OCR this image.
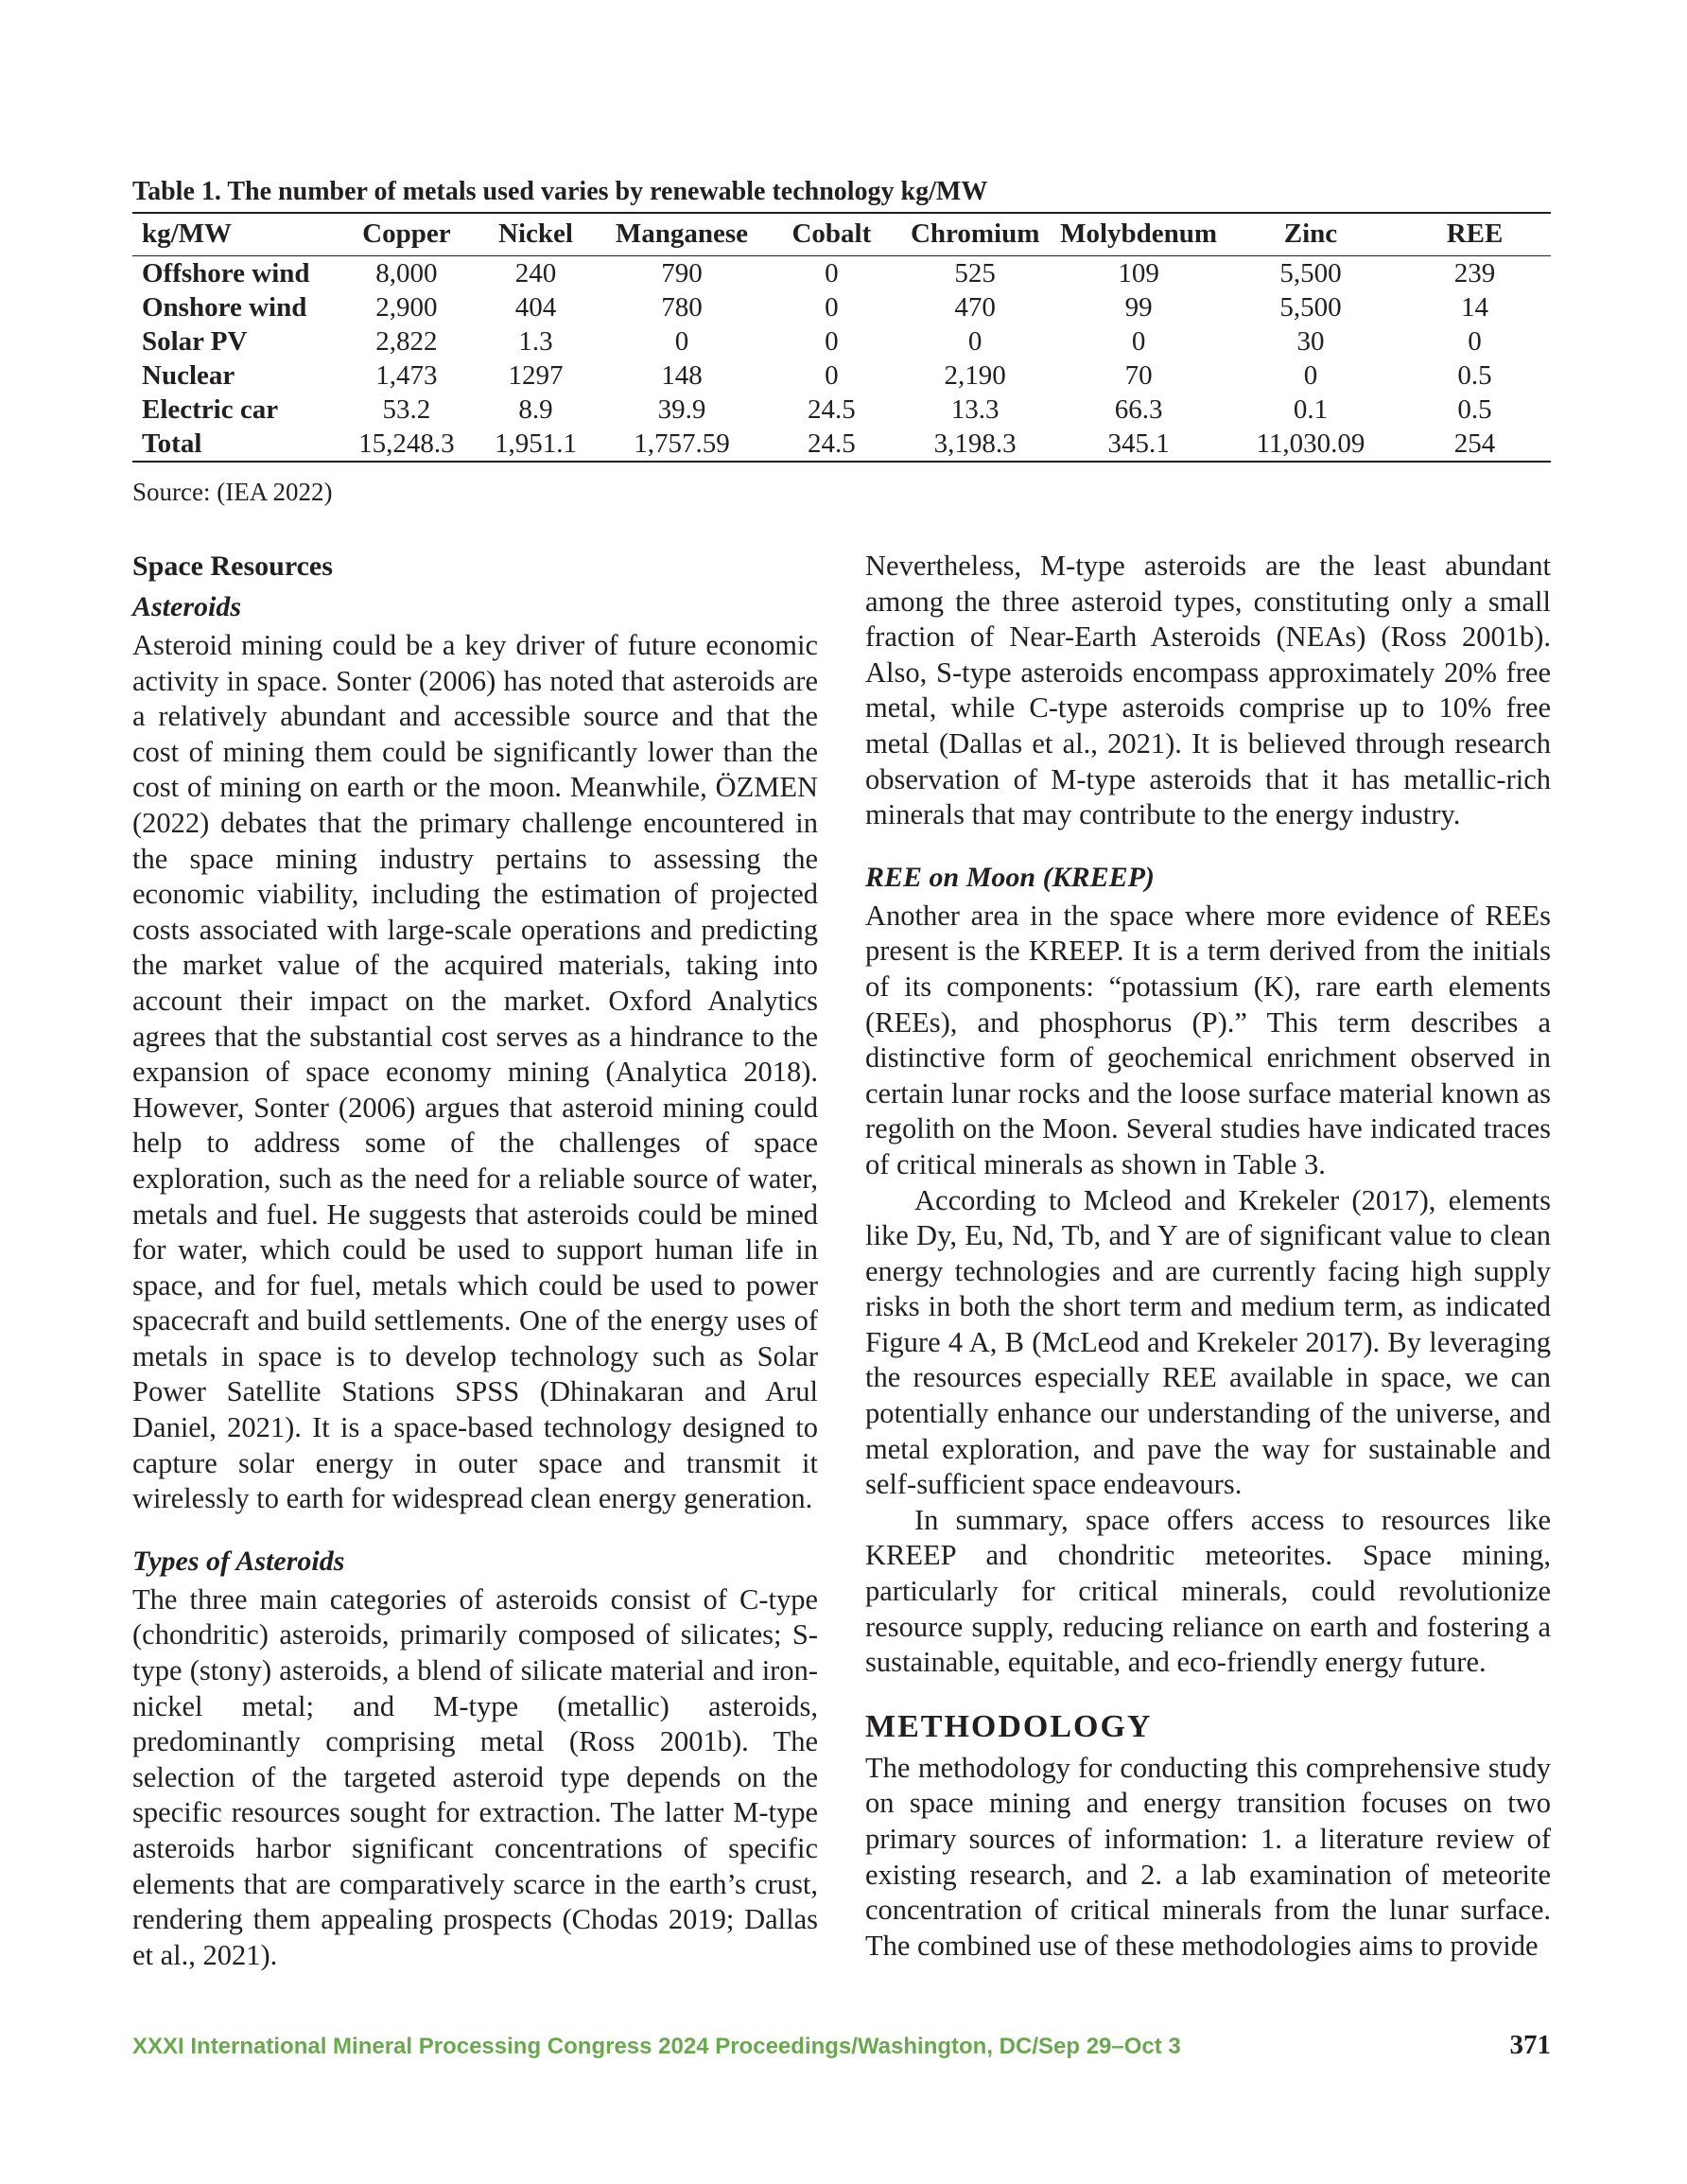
Table 1. The number of metals used varies by renewable technology kg/MW
kg/MW	Copper	Nickel	Manganese	Cobalt	Chromium	Molybdenum	Zinc	REE
Offshore wind	8,000	240	790	0	525	109	5,500	239
Onshore wind	2,900	404	780	0	470	99	5,500	14
Solar PV	2,822	1.3	0	0	0	0	30	0
Nuclear	1,473	1297	148	0	2,190	70	0	0.5
Electric car	53.2	8.9	39.9	24.5	13.3	66.3	0.1	0.5
Total	15,248.3	1,951.1	1,757.59	24.5	3,198.3	345.1	11,030.09	254
Source: (IEA 2022)
Space Resources
Asteroids

Asteroid mining could be a key driver of future economic activity in space. Sonter (2006) has noted that asteroids are a relatively abundant and accessible source and that the cost of mining them could be significantly lower than the cost of mining on earth or the moon. Meanwhile, ÖZMEN (2022) debates that the primary challenge encountered in the space mining industry pertains to assessing the economic viability, including the estimation of projected costs associated with large-scale operations and predicting the market value of the acquired materials, taking into account their impact on the market. Oxford Analytics agrees that the substantial cost serves as a hindrance to the expansion of space economy mining (Analytica 2018). However, Sonter (2006) argues that asteroid mining could help to address some of the challenges of space exploration, such as the need for a reliable source of water, metals and fuel. He suggests that asteroids could be mined for water, which could be used to support human life in space, and for fuel, metals which could be used to power spacecraft and build settlements. One of the energy uses of metals in space is to develop technology such as Solar Power Satellite Stations SPSS (Dhinakaran and Arul Daniel, 2021). It is a space-based technology designed to capture solar energy in outer space and transmit it wirelessly to earth for widespread clean energy generation.

Types of Asteroids

The three main categories of asteroids consist of C-type (chondritic) asteroids, primarily composed of silicates; S-type (stony) asteroids, a blend of silicate material and iron-nickel metal; and M-type (metallic) asteroids, predominantly comprising metal (Ross 2001b). The selection of the targeted asteroid type depends on the specific resources sought for extraction. The latter M-type asteroids harbor significant concentrations of specific elements that are comparatively scarce in the earth’s crust, rendering them appealing prospects (Chodas 2019; Dallas et al., 2021).

Nevertheless, M-type asteroids are the least abundant among the three asteroid types, constituting only a small fraction of Near-Earth Asteroids (NEAs) (Ross 2001b). Also, S-type asteroids encompass approximately 20% free metal, while C-type asteroids comprise up to 10% free metal (Dallas et al., 2021). It is believed through research observation of M-type asteroids that it has metallic-rich minerals that may contribute to the energy industry.

REE on Moon (KREEP)

Another area in the space where more evidence of REEs present is the KREEP. It is a term derived from the initials of its components: “potassium (K), rare earth elements (REEs), and phosphorus (P).” This term describes a distinctive form of geochemical enrichment observed in certain lunar rocks and the loose surface material known as regolith on the Moon. Several studies have indicated traces of critical minerals as shown in Table 3.

According to Mcleod and Krekeler (2017), elements like Dy, Eu, Nd, Tb, and Y are of significant value to clean energy technologies and are currently facing high supply risks in both the short term and medium term, as indicated Figure 4 A, B (McLeod and Krekeler 2017). By leveraging the resources especially REE available in space, we can potentially enhance our understanding of the universe, and metal exploration, and pave the way for sustainable and self-sufficient space endeavours.

In summary, space offers access to resources like KREEP and chondritic meteorites. Space mining, particularly for critical minerals, could revolutionize resource supply, reducing reliance on earth and fostering a sustainable, equitable, and eco-friendly energy future.

METHODOLOGY

The methodology for conducting this comprehensive study on space mining and energy transition focuses on two primary sources of information: 1. a literature review of existing research, and 2. a lab examination of meteorite concentration of critical minerals from the lunar surface. The combined use of these methodologies aims to provide

XXXI International Mineral Processing Congress 2024 Proceedings/Washington, DC/Sep 29–Oct 3	371
